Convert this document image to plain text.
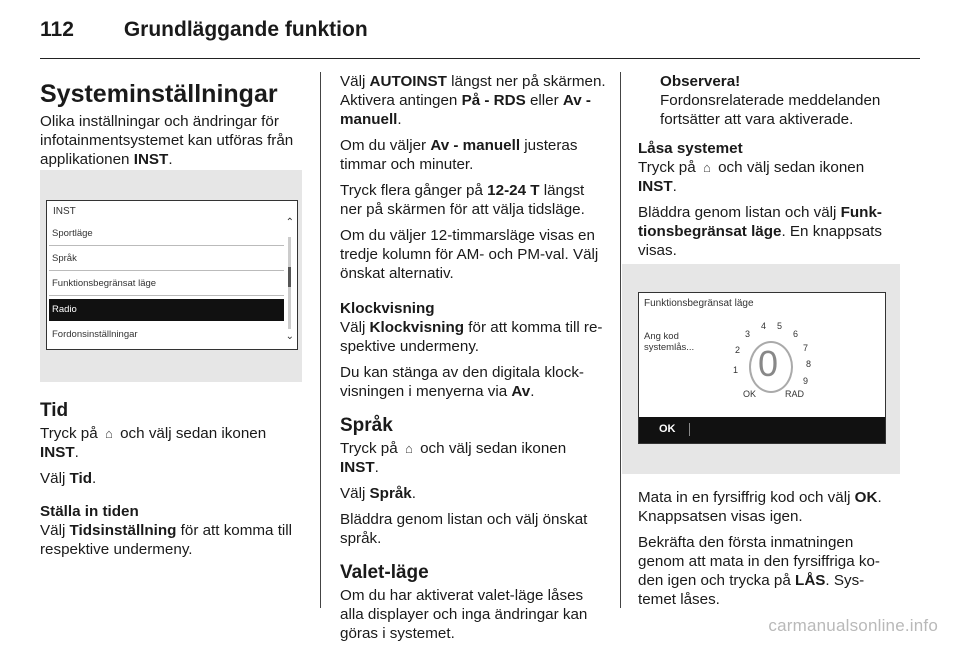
112 Grundläggande funktion
Systeminställningar

Olika inställningar och ändringar för infotainmentsystemet kan utföras från applikationen INST.

INST
Sportläge
Språk
Funktionsbegränsat läge
Radio
Fordonsinställningar
⌃
⌄
Tid

Tryck på ⌂ och välj sedan ikonen INST.

Välj Tid.

Ställa in tiden

Välj Tidsinställning för att komma till respektive undermeny.

Välj AUTOINST längst ner på skärmen. Aktivera antingen På - RDS eller Av - manuell.

Om du väljer Av - manuell justeras timmar och minuter.

Tryck flera gånger på 12-24 T längst ner på skärmen för att välja tidsläge.

Om du väljer 12-timmarsläge visas en tredje kolumn för AM- och PM-val. Välj önskat alternativ.

Klockvisning

Välj Klockvisning för att komma till re-spektive undermeny.

Du kan stänga av den digitala klock-visningen i menyerna via Av.

Språk

Tryck på ⌂ och välj sedan ikonen INST.

Välj Språk.

Bläddra genom listan och välj önskat språk.

Valet-läge

Om du har aktiverat valet-läge låses alla displayer och inga ändringar kan göras i systemet.

Observera!
Fordonsrelaterade meddelanden fortsätter att vara aktiverade.
Låsa systemet

Tryck på ⌂ och välj sedan ikonen INST.

Bläddra genom listan och välj Funk-tionsbegränsat läge. En knappsats visas.

Funktionsbegränsat läge
Ang kod systemlås... 0
1
2
3
4 5
6
7
8
9
OK	RAD
OK

Mata in en fyrsiffrig kod och välj OK. Knappsatsen visas igen.

Bekräfta den första inmatningen genom att mata in den fyrsiffriga ko-den igen och trycka på LÅS. Sys-temet låses.

carmanualsonline.info
